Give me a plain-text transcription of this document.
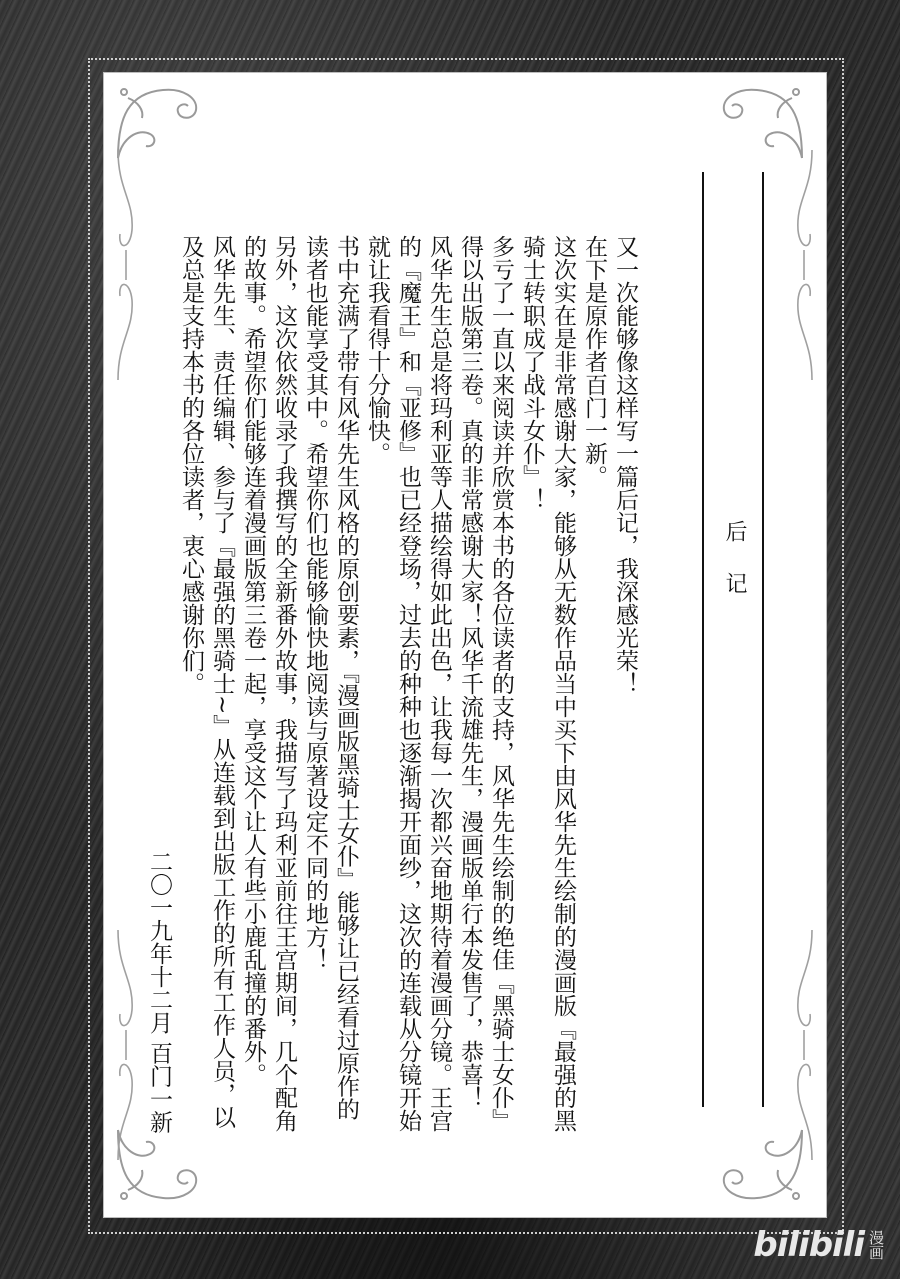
后记

又一次能够像这样写一篇后记，我深感光荣！

在下是原作者百门一新。

这次实在是非常感谢大家，能够从无数作品当中买下由风华先生绘制的漫画版『最强的黑骑士转职成了战斗女仆』！

多亏了一直以来阅读并欣赏本书的各位读者的支持，风华先生绘制的绝佳『黑骑士女仆』得以出版第三卷。真的非常感谢大家！风华千流雄先生，漫画版单行本发售了，恭喜！

风华先生总是将玛利亚等人描绘得如此出色，让我每一次都兴奋地期待着漫画分镜。王宫的『魔王』和『亚修』也已经登场，过去的种种也逐渐揭开面纱，这次的连载从分镜开始就让我看得十分愉快。

书中充满了带有风华先生风格的原创要素，『漫画版黑骑士女仆』能够让已经看过原作的读者也能享受其中。希望你们也能够愉快地阅读与原著设定不同的地方！

另外，这次依然收录了我撰写的全新番外故事，我描写了玛利亚前往王宫期间，几个配角的故事。希望你们能够连着漫画版第三卷一起，享受这个让人有些小鹿乱撞的番外。

风华先生、责任编辑、参与了『最强的黑骑士~』从连载到出版工作的所有工作人员，以及总是支持本书的各位读者，衷心感谢你们。

二〇一九年十二月 百门一新
bilibili 漫画
